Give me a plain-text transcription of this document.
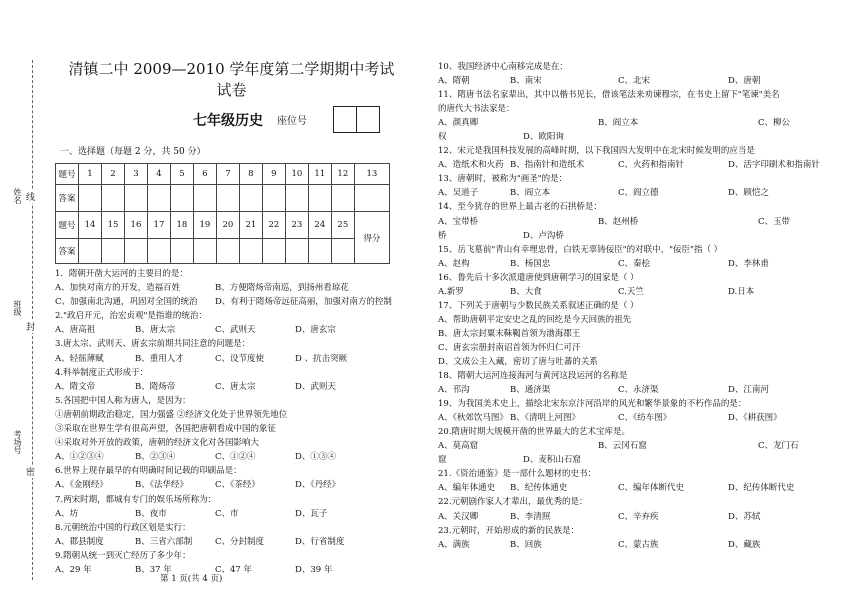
姓名
班级
考场号
线
封
密
清镇二中 2009—2010 学年度第二学期期中考试试卷
七年级历史 座位号
一、选择题（每题 2 分，共 50 分）
题号	1	2	3	4	5	6	7	8	9	10	11	12	13
答案													
题号	14	15	16	17	18	19	20	21	22	23	24	25	得分
答案													
1．隋朝开凿大运河的主要目的是：
A、加快对南方的开发，造福百姓	B、方便隋炀帝南巡，到扬州看琼花
C、加强南北沟通，巩固对全国的统治 D、有利于隋炀帝远征高丽，加强对南方的控制
2."政启开元，治宏贞观"是指谁的统治：
A、唐高祖	B、唐太宗	C、武则天	D、唐玄宗
3.唐太宗、武则天、唐玄宗前期共同注意的问题是：
A、轻徭薄赋	B、重用人才	C、设节度使	D 、抗击突厥
4.科举制度正式形成于：
A、隋文帝	B、隋炀帝	C、唐太宗	D、武则天
5.各国把中国人称为唐人，是因为：
①唐朝前期政治稳定，国力强盛 ②经济文化处于世界领先地位
③采取在世界生学有很高声望，各国把唐朝看成中国的象征
④采取对外开放的政策，唐朝的经济文化对各国影响大
A、①②③④	B、②③④	C、①②④	D、①③④
6.世界上现存最早的有明确时间记载的印刷品是：
A、《金刚经》	B、《法华经》	C、《茶经》	D、《丹经》
7.两宋时期，都城有专门的娱乐场所称为：
A、坊	B、夜市	C、市	D、瓦子
8.元朝统治中国的行政区划是实行：
A、郡县制度	B、三省六部制	C、分封制度	D、行省制度
9.隋朝从统一到灭亡经历了多少年：
A、29 年	B、37 年	C、47 年	D、39 年
10、我国经济中心南移完成是在：
A、隋朝	B、南宋	C、北宋	D、唐朝
11、隋唐书法名家辈出，其中以楷书见长，借该笔法来劝谏穆宗，在书史上留下"笔谏"美名
的唐代大书法家是：
A、颜真卿	B、阎立本	C、柳公
权	D、欧阳询
12、宋元是我国科技发展的高峰时期，以下我国四大发明中在北宋时候发明的应当是
A、造纸术和火药 B、指南针和造纸术	C、火药和指南针	D、活字印刷术和指南针
13、唐朝时，被称为"画圣"的是：
A、吴道子	B、阎立本	C、阎立德	D、顾恺之
14、至今犹存的世界上最古老的石拱桥是：
A、宝带桥	B、赵州桥	C、玉带
桥	D、卢沟桥
15、岳飞墓前"青山有幸埋忠骨，白铁无辜铸佞臣"的对联中，"佞臣"指（ ）
A、赵构	B、杨国忠	C、秦桧	D、李林甫
16、鲁先后十多次派遣唐使到唐朝学习的国家是（ ）
A.新罗	B、大食	C.天竺	D.日本
17、下列关于唐朝与少数民族关系叙述正确的是（ ）
A、帮助唐朝平定安史之乱的回纥是今天回族的祖先
B、唐太宗封粟末靺鞨首领为渤海郡王
C、唐玄宗册封南诏首领为怀归仁可汗
D、文成公主入藏，密切了唐与吐蕃的关系
18、隋朝大运河连接海河与黄河这段运河的名称是
A、邗沟	B、通济渠	C、永济渠	D、江南河
19、为我国美术史上，描绘北宋东京汴河沿岸的风光和繁华景象的不朽作品的是：
A、《秋郊饮马图》 B、《清明上河图》	C、《纺车图》	D、《耕获图》
20.隋唐时期大规模开凿的世界最大的艺术宝库是。
A、莫高窟	B、云冈石窟	C、龙门石
窟	D、麦积山石窟
21.《资治通鉴》是一部什么题材的史书：
A、编年体通史 B、纪传体通史	C、编年体断代史	D、纪传体断代史
22.元朝剧作家人才辈出，最优秀的是：
A、关汉卿	B、李清照	C、辛弃疾	D、苏轼
23.元朝时，开始形成的新的民族是：
A、满族	B、回族	C、蒙古族	D、藏族
第 1 页(共 4 页)
